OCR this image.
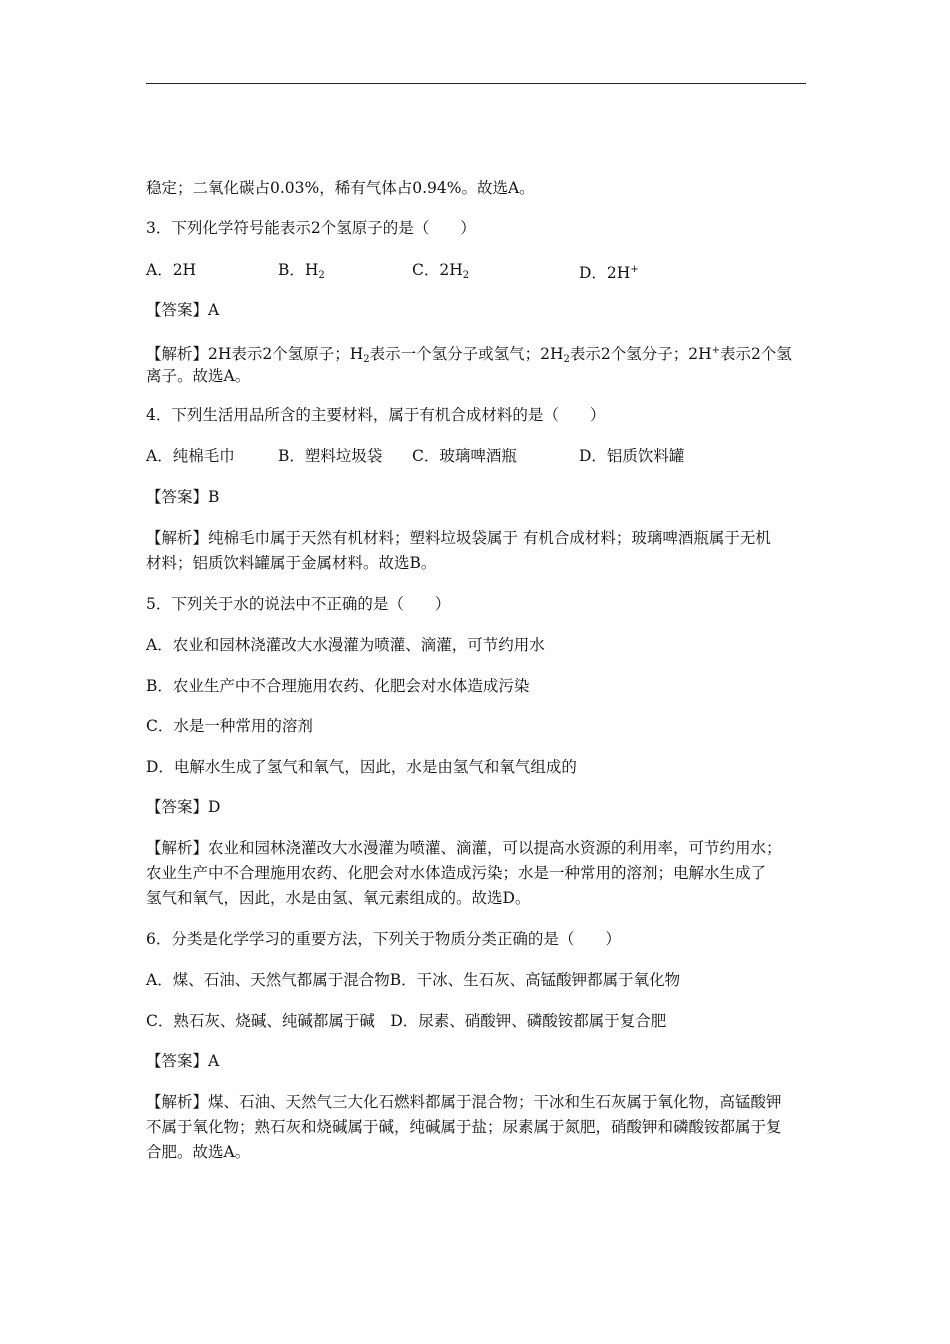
稳定；二氧化碳占0.03%，稀有气体占0.94%。故选A。
3．下列化学符号能表示2个氢原子的是（　　）
A．2H	B．$H_2$	C．$2H_2$	D．2H+
【答案】A
【解析】2H表示2个氢原子；$H_2$表示一个氢分子或氢气；$2H_2$表示2个氢分子；2H+表示2个氢
离子。故选A。
4．下列生活用品所含的主要材料，属于有机合成材料的是（　　）
A．纯棉毛巾	B．塑料垃圾袋 C．玻璃啤酒瓶	D．铝质饮料罐
【答案】B
【解析】纯棉毛巾属于天然有机材料；塑料垃圾袋属于 有机合成材料；玻璃啤酒瓶属于无机
材料；铝质饮料罐属于金属材料。故选B。
5．下列关于水的说法中不正确的是（　　）
A．农业和园林浇灌改大水漫灌为喷灌、滴灌，可节约用水
B．农业生产中不合理施用农药、化肥会对水体造成污染
C．水是一种常用的溶剂
D．电解水生成了氢气和氧气，因此，水是由氢气和氧气组成的
【答案】D
【解析】农业和园林浇灌改大水漫灌为喷灌、滴灌，可以提高水资源的利用率，可节约用水；
农业生产中不合理施用农药、化肥会对水体造成污染；水是一种常用的溶剂；电解水生成了
氢气和氧气，因此，水是由氢、氧元素组成的。故选D。
6．分类是化学学习的重要方法，下列关于物质分类正确的是（　　）
A．煤、石油、天然气都属于混合物B．干冰、生石灰、高锰酸钾都属于氧化物
C．熟石灰、烧碱、纯碱都属于碱　D．尿素、硝酸钾、磷酸铵都属于复合肥
【答案】A
【解析】煤、石油、天然气三大化石燃料都属于混合物；干冰和生石灰属于氧化物，高锰酸钾
不属于氧化物；熟石灰和烧碱属于碱，纯碱属于盐；尿素属于氮肥，硝酸钾和磷酸铵都属于复
合肥。故选A。
